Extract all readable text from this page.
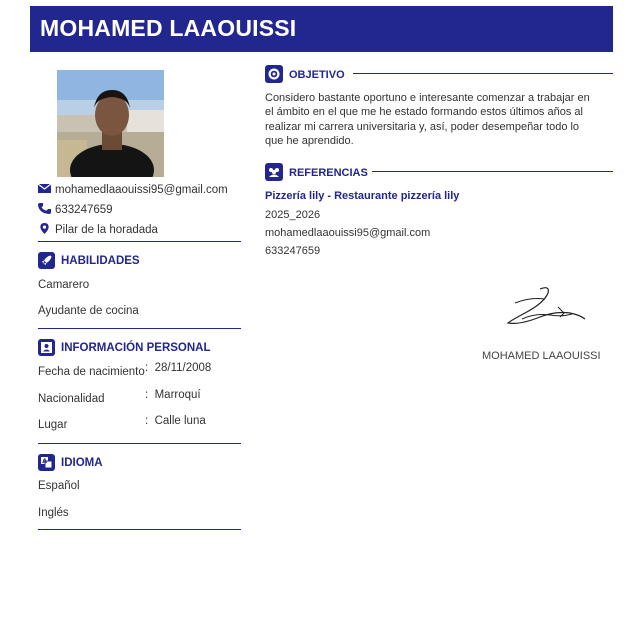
MOHAMED LAAOUISSI
mohamedlaaouissi95@gmail.com
633247659
Pilar de la horadada
HABILIDADES
Camarero
Ayudante de cocina
INFORMACIÓN PERSONAL
Fecha de nacimiento :  28/11/2008
Nacionalidad	:  Marroquí
Lugar	:  Calle luna
A IDIOMA
Español
Inglés
OBJETIVO
Considero bastante oportuno e interesante comenzar a trabajar en
el ámbito en el que me he estado formando estos últimos años al
realizar mi carrera universitaria y, así, poder desempeñar todo lo
que he aprendido.
REFERENCIAS
Pizzería lily - Restaurante pizzería lily
2025_2026
mohamedlaaouissi95@gmail.com
633247659
MOHAMED LAAOUISSI
